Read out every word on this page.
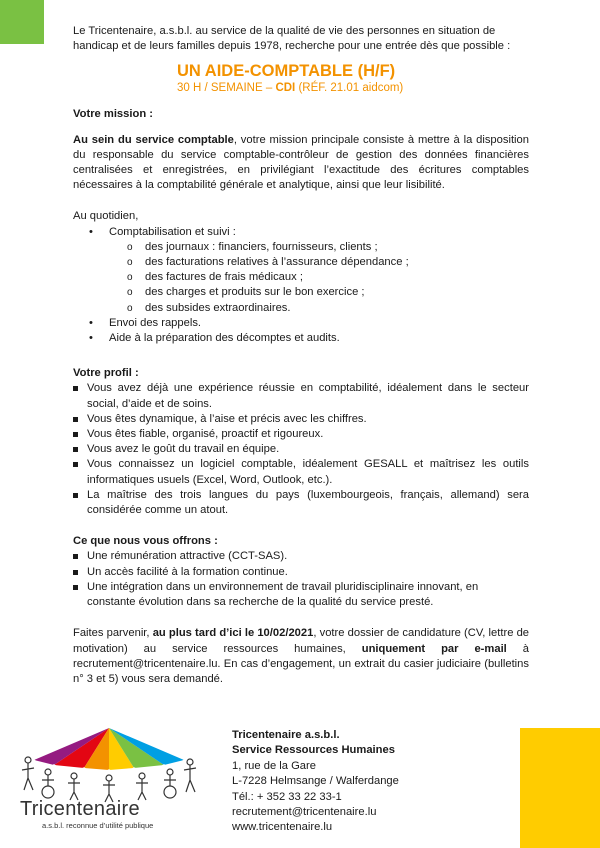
Le Tricentenaire, a.s.b.l. au service de la qualité de vie des personnes en situation de handicap et de leurs familles depuis 1978, recherche pour une entrée dès que possible :

UN AIDE-COMPTABLE (H/F)
30 H / SEMAINE – CDI (RÉF. 21.01 aidcom)

Votre mission :

Au sein du service comptable, votre mission principale consiste à mettre à la disposition du responsable du service comptable-contrôleur de gestion des données financières centralisées et enregistrées, en privilégiant l’exactitude des écritures comptables nécessaires à la comptabilité générale et analytique, ainsi que leur lisibilité.

Au quotidien,

• Comptabilisation et suivi :
o des journaux : financiers, fournisseurs, clients ;
o des facturations relatives à l’assurance dépendance ;
o des factures de frais médicaux ;
o des charges et produits sur le bon exercice ;
o des subsides extraordinaires.
• Envoi des rappels.
• Aide à la préparation des décomptes et audits.

Votre profil :

Vous avez déjà une expérience réussie en comptabilité, idéalement dans le secteur social, d’aide et de soins.
Vous êtes dynamique, à l’aise et précis avec les chiffres.
Vous êtes fiable, organisé, proactif et rigoureux.
Vous avez le goût du travail en équipe.
Vous connaissez un logiciel comptable, idéalement GESALL et maîtrisez les outils informatiques usuels (Excel, Word, Outlook, etc.).
La maîtrise des trois langues du pays (luxembourgeois, français, allemand) sera considérée comme un atout.

Ce que nous vous offrons :

Une rémunération attractive (CCT-SAS).
Un accès facilité à la formation continue.
Une intégration dans un environnement de travail pluridisciplinaire innovant, en constante évolution dans sa recherche de la qualité du service presté.

Faites parvenir, au plus tard d’ici le 10/02/2021, votre dossier de candidature (CV, lettre de motivation) au service ressources humaines, uniquement par e-mail à recrutement@tricentenaire.lu. En cas d’engagement, un extrait du casier judiciaire (bulletins n° 3 et 5) vous sera demandé.

Tricentenaire
a.s.b.l. reconnue d’utilité publique
Tricentenaire a.s.b.l.
Service Ressources Humaines
1, rue de la Gare
L-7228 Helmsange / Walferdange
Tél.: + 352 33 22 33-1
recrutement@tricentenaire.lu
www.tricentenaire.lu
